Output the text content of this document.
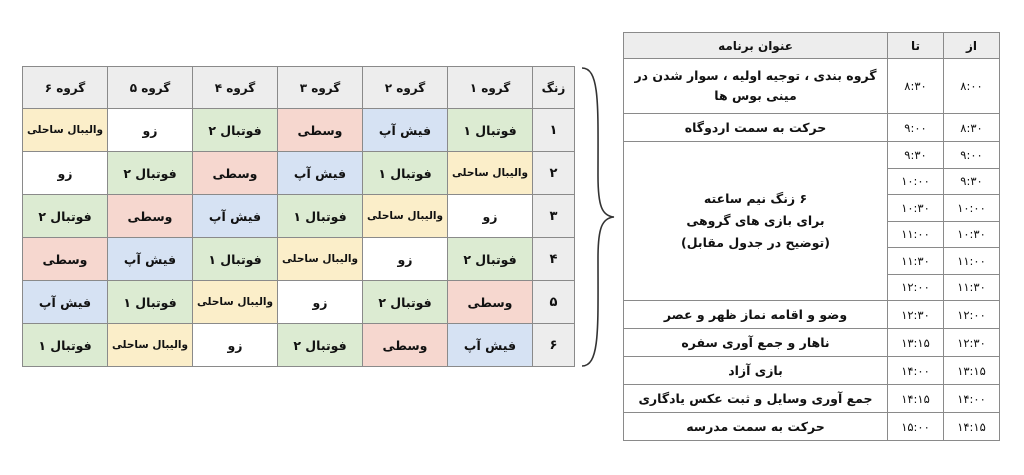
از	تا	عنوان برنامه
۸:۰۰	۸:۳۰	گروه بندی ، توجیه اولیه ، سوار شدن در مینی بوس ها
۸:۳۰	۹:۰۰	حرکت به سمت اردوگاه
۹:۰۰	۹:۳۰	۶ زنگ نیم ساعته
برای بازی های گروهی
(توضیح در جدول مقابل)

۹:۳۰	۱۰:۰۰	
۱۰:۰۰	۱۰:۳۰	
۱۰:۳۰	۱۱:۰۰	
۱۱:۰۰	۱۱:۳۰	
۱۱:۳۰	۱۲:۰۰	
۱۲:۰۰	۱۲:۳۰	وضو و اقامه نماز ظهر و عصر
۱۲:۳۰	۱۳:۱۵	ناهار و جمع آوری سفره
۱۳:۱۵	۱۴:۰۰	بازی آزاد
۱۴:۰۰	۱۴:۱۵	جمع آوری وسایل و ثبت عکس یادگاری
۱۴:۱۵	۱۵:۰۰	حرکت به سمت مدرسه
زنگ	گروه ۱	گروه ۲	گروه ۳	گروه ۴	گروه ۵	گروه ۶
۱	فوتبال ۱	فیش آپ	وسطی	فوتبال ۲	زو	والیبال ساحلی
۲	والیبال ساحلی	فوتبال ۱	فیش آپ	وسطی	فوتبال ۲	زو
۳	زو	والیبال ساحلی	فوتبال ۱	فیش آپ	وسطی	فوتبال ۲
۴	فوتبال ۲	زو	والیبال ساحلی	فوتبال ۱	فیش آپ	وسطی
۵	وسطی	فوتبال ۲	زو	والیبال ساحلی	فوتبال ۱	فیش آپ
۶	فیش آپ	وسطی	فوتبال ۲	زو	والیبال ساحلی	فوتبال ۱
